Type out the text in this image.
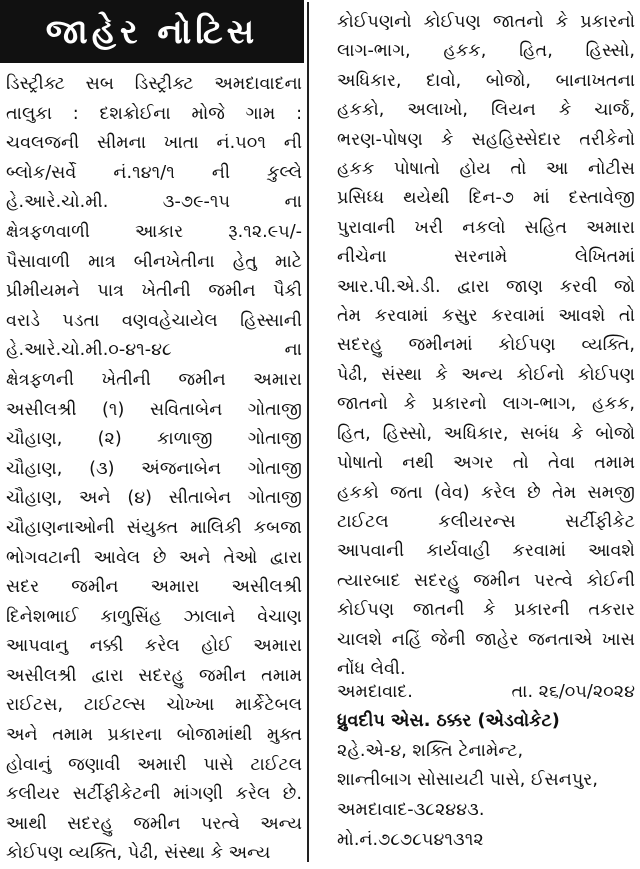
જાહેર નોટિસ
ડિસ્ટ્રીક્ટ સબ ડિસ્ટ્રીક્ટ અમદાવાદના
તાલુકા : દશક્રોઈના મોજે ગામ :
ચવલજની સીમના ખાતા નં.૫૦૧ ની
બ્લોક/સર્વે નં.૧૪૧/૧ ની કુલ્લે
હે.આરે.ચો.મી. ૩-૭૯-૧૫ ના
ક્ષેત્રફળવાળી આકાર રૂ.૧૨.૯૫/-
પૈસાવાળી માત્ર બીનખેતીના હેતુ માટે
પ્રીમીયમને પાત્ર ખેતીની જમીન પૈકી
વરાડે પડતા વણવહેચાયેલ હિસ્સાની
હે.આરે.ચો.મી.૦-૪૧-૪૮ ના
ક્ષેત્રફળની ખેતીની જમીન અમારા
અસીલશ્રી (૧) સવિતાબેન ગોતાજી
ચૌહાણ, (૨) કાળાજી ગોતાજી
ચૌહાણ, (૩) અંજનાબેન ગોતાજી
ચૌહાણ, અને (૪) સીતાબેન ગોતાજી
ચૌહાણનાઓની સંયુક્ત માલિકી કબજા
ભોગવટાની આવેલ છે અને તેઓ દ્વારા
સદર જમીન અમારા અસીલશ્રી
દિનેશભાઈ કાળુસિંહ ઝાલાને વેચાણ
આપવાનુ નક્કી કરેલ હોઈ અમારા
અસીલશ્રી દ્વારા સદરહુ જમીન તમામ
રાઈટસ, ટાઈટલ્સ ચોખ્ખા માર્કેટેબલ
અને તમામ પ્રકારના બોજામાંથી મુક્ત
હોવાનું જણાવી અમારી પાસે ટાઈટલ
કલીયર સર્ટીફીકેટની માંગણી કરેલ છે.
આથી સદરહુ જમીન પરત્વે અન્ય
કોઈપણ વ્યક્તિ, પેઢી, સંસ્થા કે અન્ય
કોઈપણનો કોઈપણ જાતનો કે પ્રકારનો
લાગ-ભાગ, હકક, હિત, હિસ્સો,
અધિકાર, દાવો, બોજો, બાનાખતના
હકકો, અલાખો, લિયન કે ચાર્જ,
ભરણ-પોષણ કે સહહિસ્સેદાર તરીકેનો
હકક પોષાતો હોય તો આ નોટીસ
પ્રસિધ્ધ થયેથી દિન-૭ માં દસ્તાવેજી
પુરાવાની ખરી નકલો સહિત અમારા
નીચેના સરનામે લેખિતમાં
આર.પી.એ.ડી. દ્વારા જાણ કરવી જો
તેમ કરવામાં કસુર કરવામાં આવશે તો
સદરહુ જમીનમાં કોઈપણ વ્યક્તિ,
પેઢી, સંસ્થા કે અન્ય કોઈનો કોઈપણ
જાતનો કે પ્રકારનો લાગ-ભાગ, હકક,
હિત, હિસ્સો, અધિકાર, સબંધ કે બોજો
પોષાતો નથી અગર તો તેવા તમામ
હકકો જતા (વેવ) કરેલ છે તેમ સમજી
ટાઈટલ કલીયરન્સ સર્ટીફીકેટ
આપવાની કાર્યવાહી કરવામાં આવશે
ત્યારબાદ સદરહુ જમીન પરત્વે કોઈની
કોઈપણ જાતની કે પ્રકારની તકરાર
ચાલશે નહિં જેની જાહેર જનતાએ ખાસ
નોંધ લેવી.
અમદાવાદ.	તા. ૨૬/૦૫/૨૦૨૪
ધ્રુવદીપ એસ. ઠક્કર (એડવોકેટ)
૨હે.એ-૪, શક્તિ ટેનામેન્ટ,
શાન્તીબાગ સોસાયટી પાસે, ઈસનપુર,
અમદાવાદ-૩૮૨૪૪૩.
મો.નં.૭૮૭૮૫૪૧૩૧૨
